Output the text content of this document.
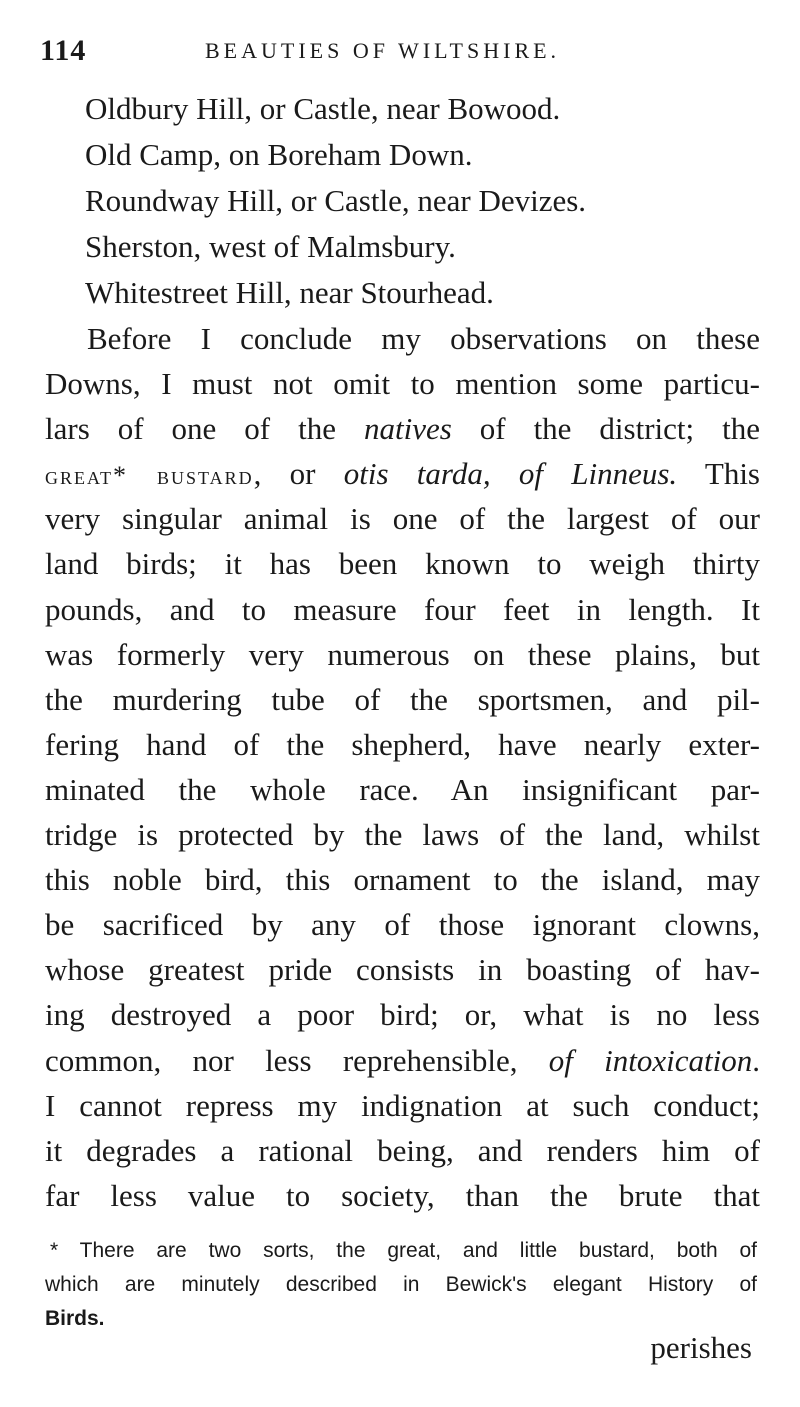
114	BEAUTIES OF WILTSHIRE.
Oldbury Hill, or Castle, near Bowood.
Old Camp, on Boreham Down.
Roundway Hill, or Castle, near Devizes.
Sherston, west of Malmsbury.
Whitestreet Hill, near Stourhead.
Before I conclude my observations on these
Downs, I must not omit to mention some particu-
lars of one of the natives of the district; the
great* bustard, or otis tarda, of Linneus. This
very singular animal is one of the largest of our
land birds; it has been known to weigh thirty
pounds, and to measure four feet in length. It
was formerly very numerous on these plains, but
the murdering tube of the sportsmen, and pil-
fering hand of the shepherd, have nearly exter-
minated the whole race. An insignificant par-
tridge is protected by the laws of the land, whilst
this noble bird, this ornament to the island, may
be sacrificed by any of those ignorant clowns,
whose greatest pride consists in boasting of hav-
ing destroyed a poor bird; or, what is no less
common, nor less reprehensible, of intoxication.
I cannot repress my indignation at such conduct;
it degrades a rational being, and renders him of
far less value to society, than the brute that
* There are two sorts, the great, and little bustard, both of
which are minutely described in Bewick's elegant History of
Birds.
perishes
